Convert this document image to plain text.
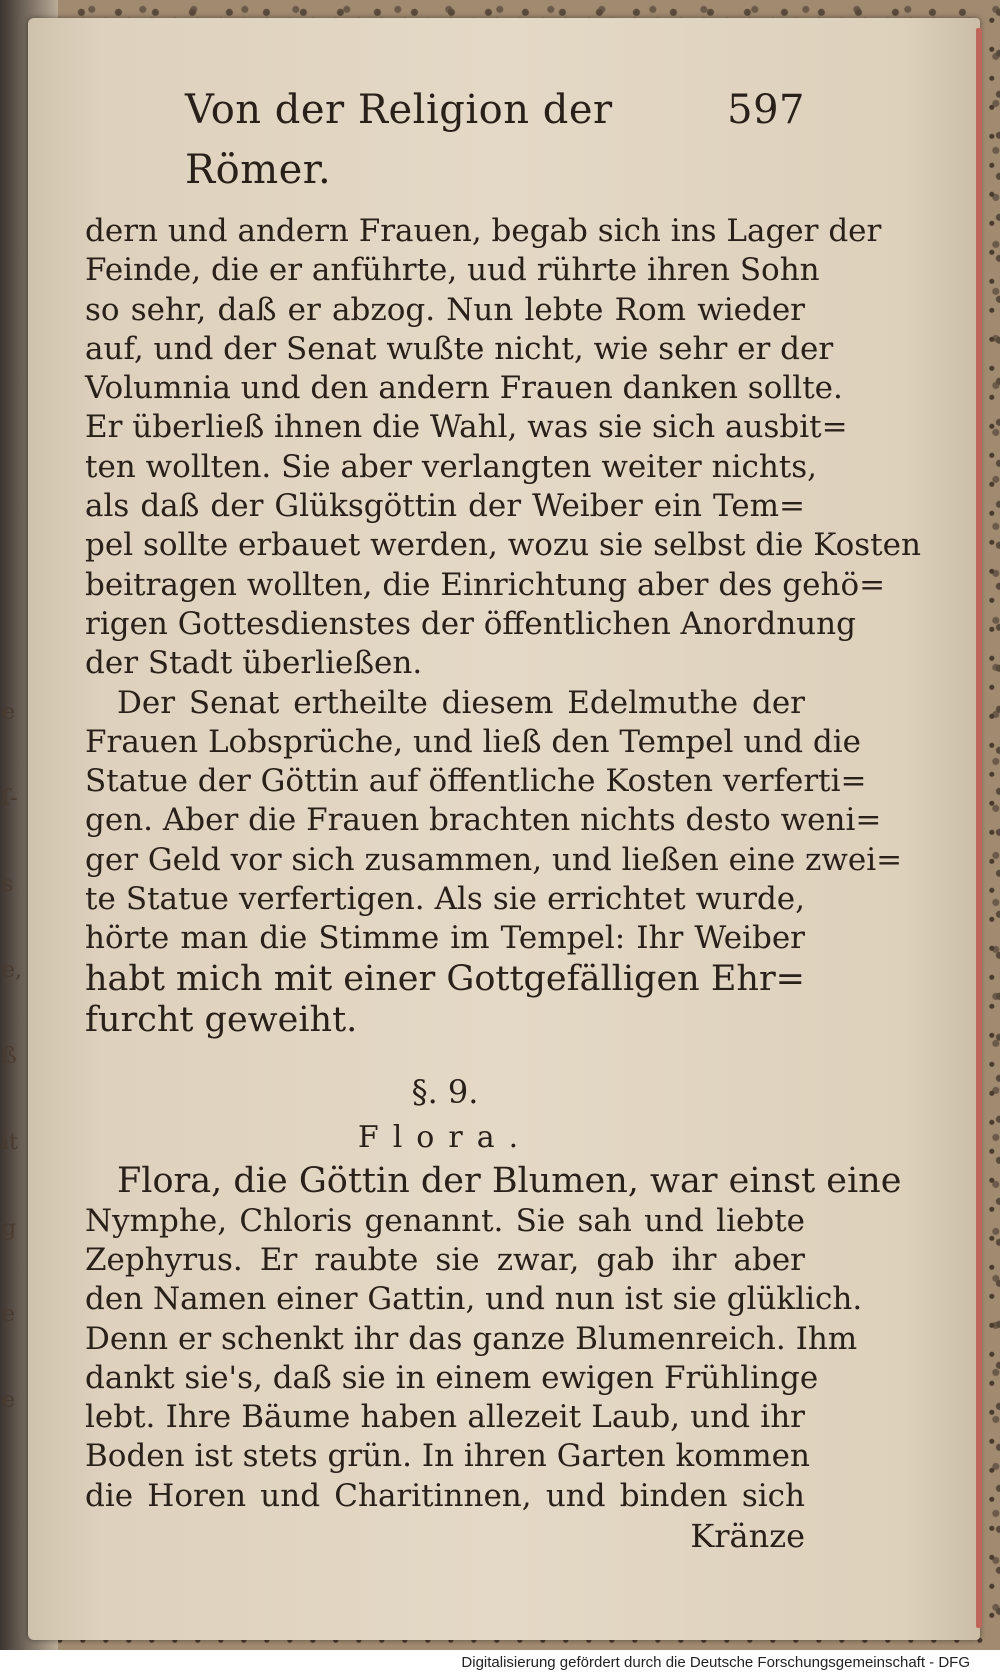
e
ſ-
s
e,
ß
it
g
e
e
Von der Religion der Römer.
597
dern und andern Frauen, begab sich ins Lager der
Feinde, die er anführte, uud rührte ihren Sohn
so sehr, daß er abzog. Nun lebte Rom wieder
auf, und der Senat wußte nicht, wie sehr er der
Volumnia und den andern Frauen danken sollte.
Er überließ ihnen die Wahl, was sie sich ausbit=
ten wollten. Sie aber verlangten weiter nichts,
als daß der Glüksgöttin der Weiber ein Tem=
pel sollte erbauet werden, wozu sie selbst die Kosten
beitragen wollten, die Einrichtung aber des gehö=
rigen Gottesdienstes der öffentlichen Anordnung
der Stadt überließen.
Der Senat ertheilte diesem Edelmuthe der
Frauen Lobsprüche, und ließ den Tempel und die
Statue der Göttin auf öffentliche Kosten verferti=
gen. Aber die Frauen brachten nichts desto weni=
ger Geld vor sich zusammen, und ließen eine zwei=
te Statue verfertigen. Als sie errichtet wurde,
hörte man die Stimme im Tempel: Ihr Weiber
habt mich mit einer Gottgefälligen Ehr=
furcht geweiht.
§. 9.
Flora.
Flora, die Göttin der Blumen, war einst eine
Nymphe, Chloris genannt. Sie sah und liebte
Zephyrus. Er raubte sie zwar, gab ihr aber
den Namen einer Gattin, und nun ist sie glüklich.
Denn er schenkt ihr das ganze Blumenreich. Ihm
dankt sie's, daß sie in einem ewigen Frühlinge
lebt. Ihre Bäume haben allezeit Laub, und ihr
Boden ist stets grün. In ihren Garten kommen
die Horen und Charitinnen, und binden sich
Kränze
Digitalisierung gefördert durch die Deutsche Forschungsgemeinschaft - DFG
